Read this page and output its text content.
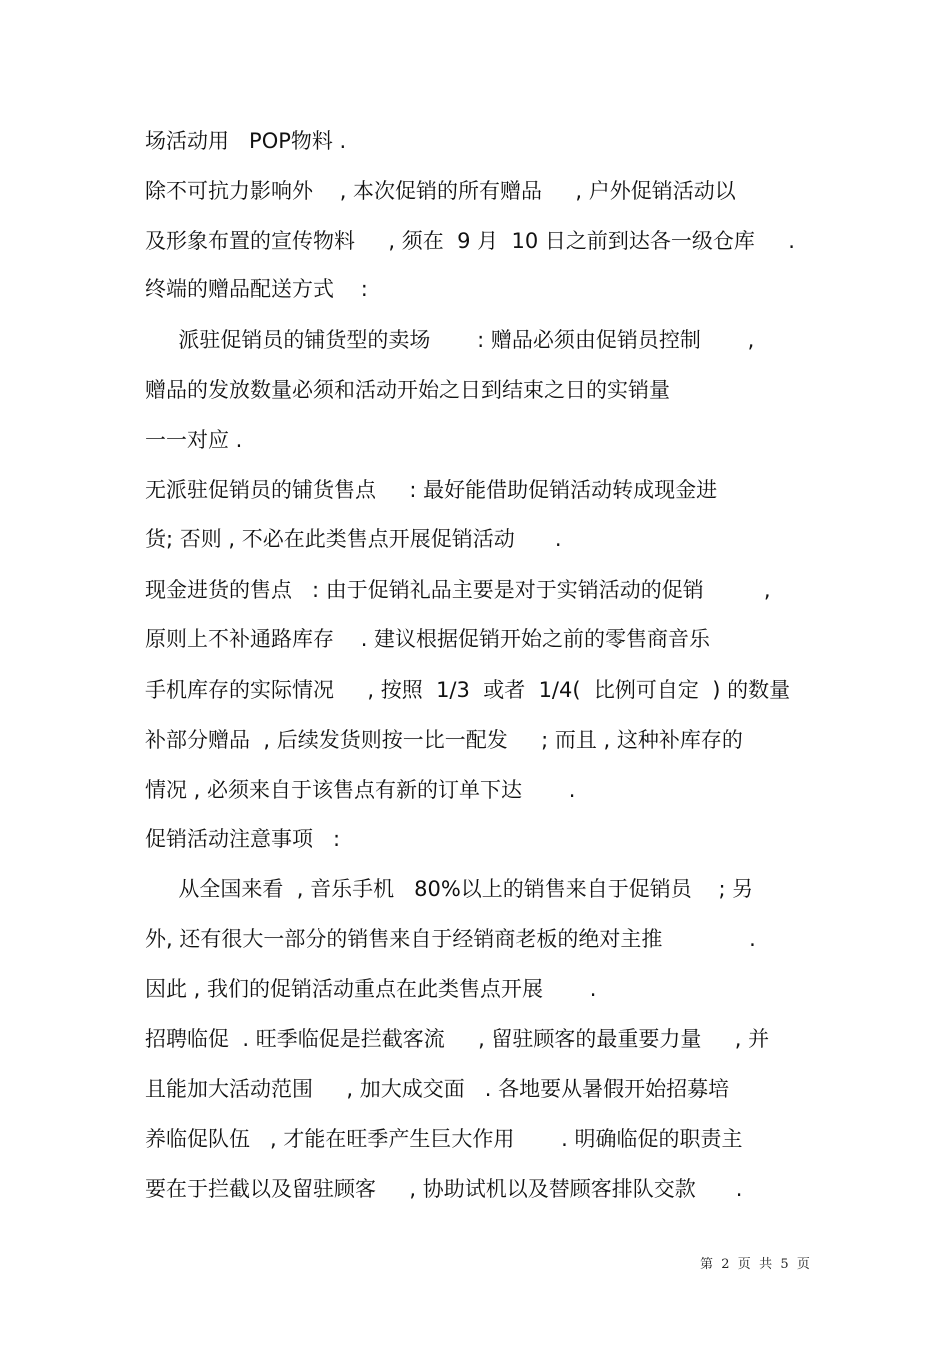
场活动用   POP物料 .
除不可抗力影响外    , 本次促销的所有赠品     , 户外促销活动以
及形象布置的宣传物料     , 须在  9 月  10 日之前到达各一级仓库     .
终端的赠品配送方式    :
派驻促销员的铺货型的卖场       : 赠品必须由促销员控制       ,
赠品的发放数量必须和活动开始之日到结束之日的实销量
一一对应 .
无派驻促销员的铺货售点     : 最好能借助促销活动转成现金进
货; 否则 , 不必在此类售点开展促销活动      .
现金进货的售点   : 由于促销礼品主要是对于实销活动的促销         ,
原则上不补通路库存    . 建议根据促销开始之前的零售商音乐
手机库存的实际情况     , 按照  1/3  或者  1/4(  比例可自定  ) 的数量
补部分赠品  , 后续发货则按一比一配发     ; 而且 , 这种补库存的
情况 , 必须来自于该售点有新的订单下达       .
促销活动注意事项   :
从全国来看  , 音乐手机   80%以上的销售来自于促销员    ; 另
外, 还有很大一部分的销售来自于经销商老板的绝对主推             .
因此 , 我们的促销活动重点在此类售点开展       .
招聘临促  . 旺季临促是拦截客流     , 留驻顾客的最重要力量     , 并
且能加大活动范围     , 加大成交面   . 各地要从暑假开始招募培
养临促队伍   , 才能在旺季产生巨大作用       . 明确临促的职责主
要在于拦截以及留驻顾客     , 协助试机以及替顾客排队交款      .
第  2  页  共  5  页
